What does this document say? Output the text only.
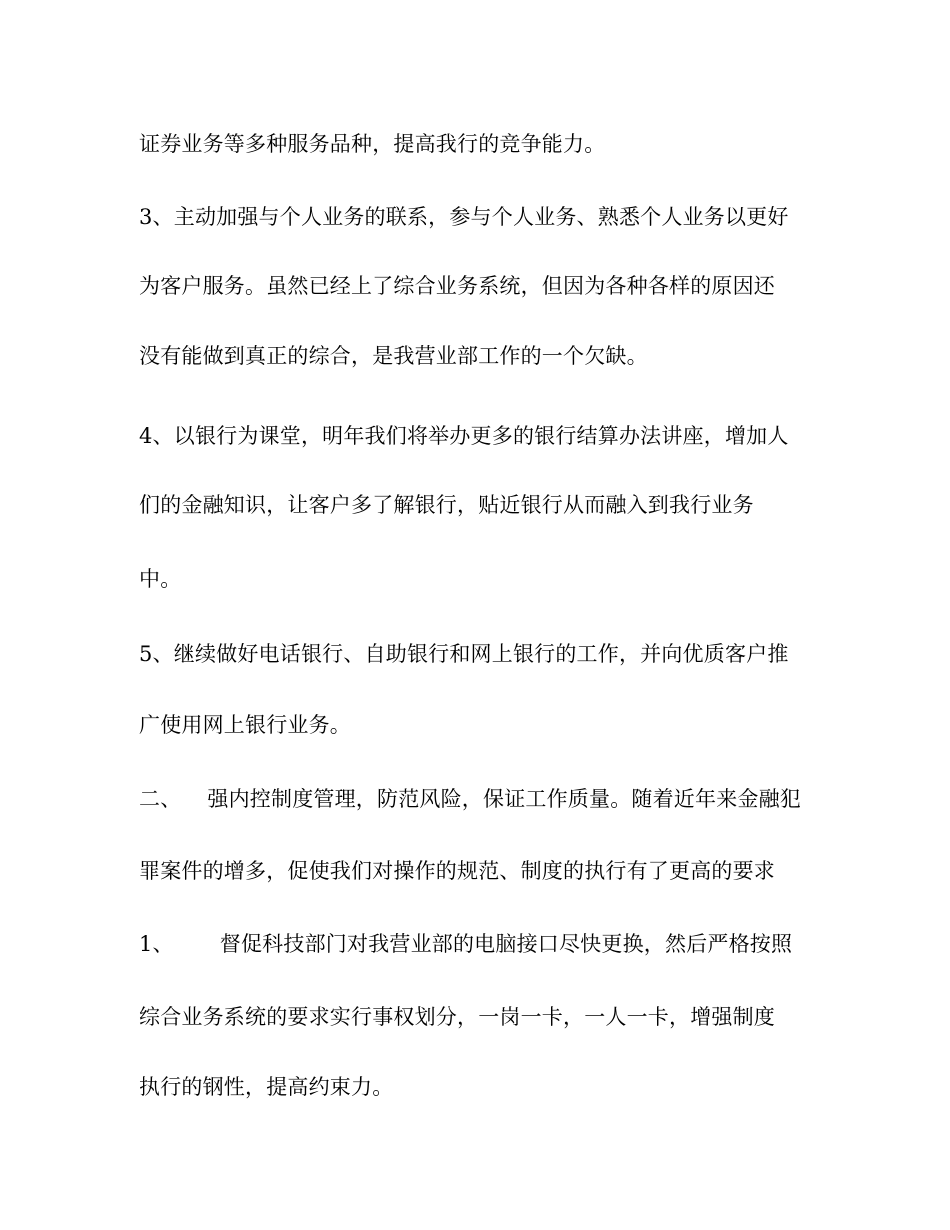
证券业务等多种服务品种，提高我行的竞争能力。
3、主动加强与个人业务的联系，参与个人业务、熟悉个人业务以更好
为客户服务。虽然已经上了综合业务系统，但因为各种各样的原因还
没有能做到真正的综合，是我营业部工作的一个欠缺。
4、以银行为课堂，明年我们将举办更多的银行结算办法讲座，增加人
们的金融知识，让客户多了解银行，贴近银行从而融入到我行业务
中。
5、继续做好电话银行、自助银行和网上银行的工作，并向优质客户推
广使用网上银行业务。
二、 强内控制度管理，防范风险，保证工作质量。随着近年来金融犯
罪案件的增多，促使我们对操作的规范、制度的执行有了更高的要求
1、 督促科技部门对我营业部的电脑接口尽快更换，然后严格按照
综合业务系统的要求实行事权划分，一岗一卡，一人一卡，增强制度
执行的钢性，提高约束力。
